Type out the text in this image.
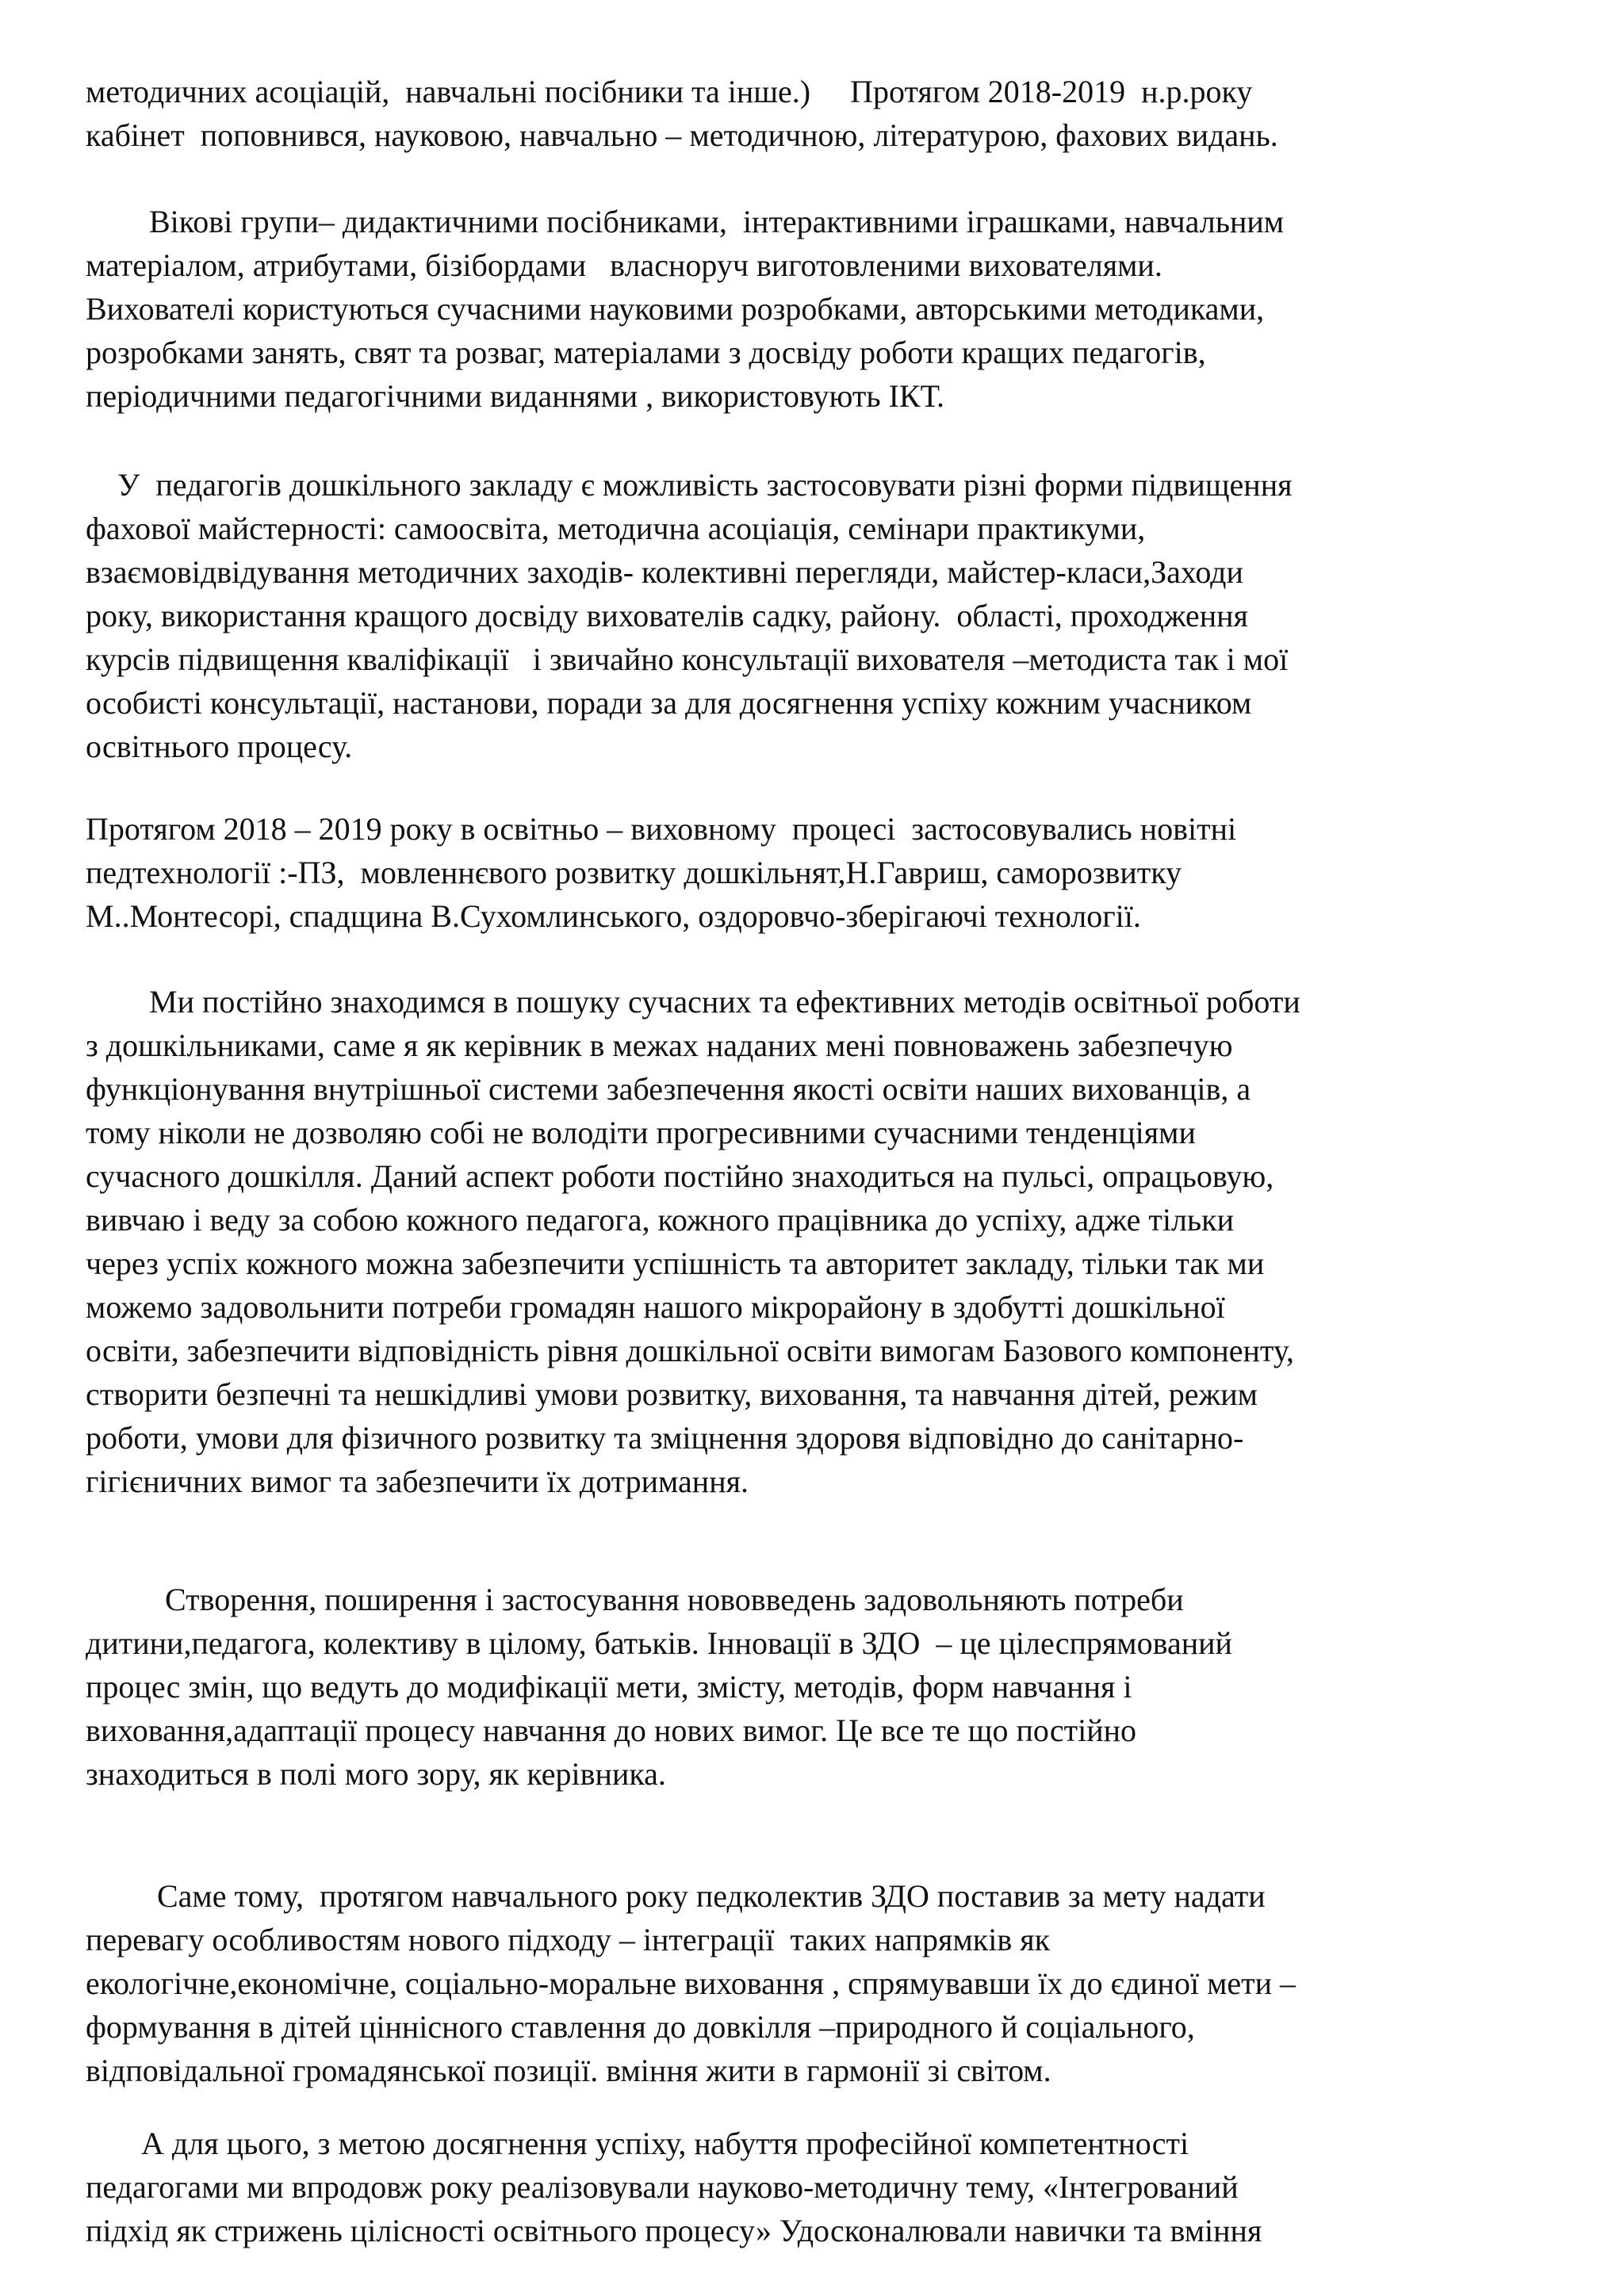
методичних асоціацій,  навчальні посібники та інше.)     Протягом 2018-2019  н.р.року
кабінет  поповнився, науковою, навчально – методичною, літературою, фахових видань.
Вікові групи– дидактичними посібниками,  інтерактивними іграшками, навчальним
матеріалом, атрибутами, бізібордами   власноруч виготовленими вихователями.
Вихователі користуються сучасними науковими розробками, авторськими методиками,
розробками занять, свят та розваг, матеріалами з досвіду роботи кращих педагогів,
періодичними педагогічними виданнями , використовують ІКТ.
У  педагогів дошкільного закладу є можливість застосовувати різні форми підвищення
фахової майстерності: самоосвіта, методична асоціація, семінари практикуми,
взаємовідвідування методичних заходів- колективні перегляди, майстер-класи,Заходи
року, використання кращого досвіду вихователів садку, району.  області, проходження
курсів підвищення кваліфікації   і звичайно консультації вихователя –методиста так і мої
особисті консультації, настанови, поради за для досягнення успіху кожним учасником
освітнього процесу.
Протягом 2018 – 2019 року в освітньо – виховному  процесі  застосовувались новітні
педтехнології :-ПЗ,  мовленнєвого розвитку дошкільнят,Н.Гавриш, саморозвитку
М..Монтесорі, спадщина В.Сухомлинського, оздоровчо-зберігаючі технології.
Ми постійно знаходимся в пошуку сучасних та ефективних методів освітньої роботи
з дошкільниками, саме я як керівник в межах наданих мені повноважень забезпечую
функціонування внутрішньої системи забезпечення якості освіти наших вихованців, а
тому ніколи не дозволяю собі не володіти прогресивними сучасними тенденціями
сучасного дошкілля. Даний аспект роботи постійно знаходиться на пульсі, опрацьовую,
вивчаю і веду за собою кожного педагога, кожного працівника до успіху, адже тільки
через успіх кожного можна забезпечити успішність та авторитет закладу, тільки так ми
можемо задовольнити потреби громадян нашого мікрорайону в здобутті дошкільної
освіти, забезпечити відповідність рівня дошкільної освіти вимогам Базового компоненту,
створити безпечні та нешкідливі умови розвитку, виховання, та навчання дітей, режим
роботи, умови для фізичного розвитку та зміцнення здоровя відповідно до санітарно-
гігієничних вимог та забезпечити їх дотримання.
Створення, поширення і застосування нововведень задовольняють потреби
дитини,педагога, колективу в цілому, батьків. Інновації в ЗДО  – це цілеспрямований
процес змін, що ведуть до модифікації мети, змісту, методів, форм навчання і
виховання,адаптації процесу навчання до нових вимог. Це все те що постійно
знаходиться в полі мого зору, як керівника.
Саме тому,  протягом навчального року педколектив ЗДО поставив за мету надати
перевагу особливостям нового підходу – інтеграції  таких напрямків як
екологічне,економічне, соціально-моральне виховання , спрямувавши їх до єдиної мети –
формування в дітей ціннісного ставлення до довкілля –природного й соціального,
відповідальної громадянської позиції. вміння жити в гармонії зі світом.
А для цього, з метою досягнення успіху, набуття професійної компетентності
педагогами ми впродовж року реалізовували науково-методичну тему, «Інтегрований
підхід як стрижень цілісності освітнього процесу» Удосконалювали навички та вміння
